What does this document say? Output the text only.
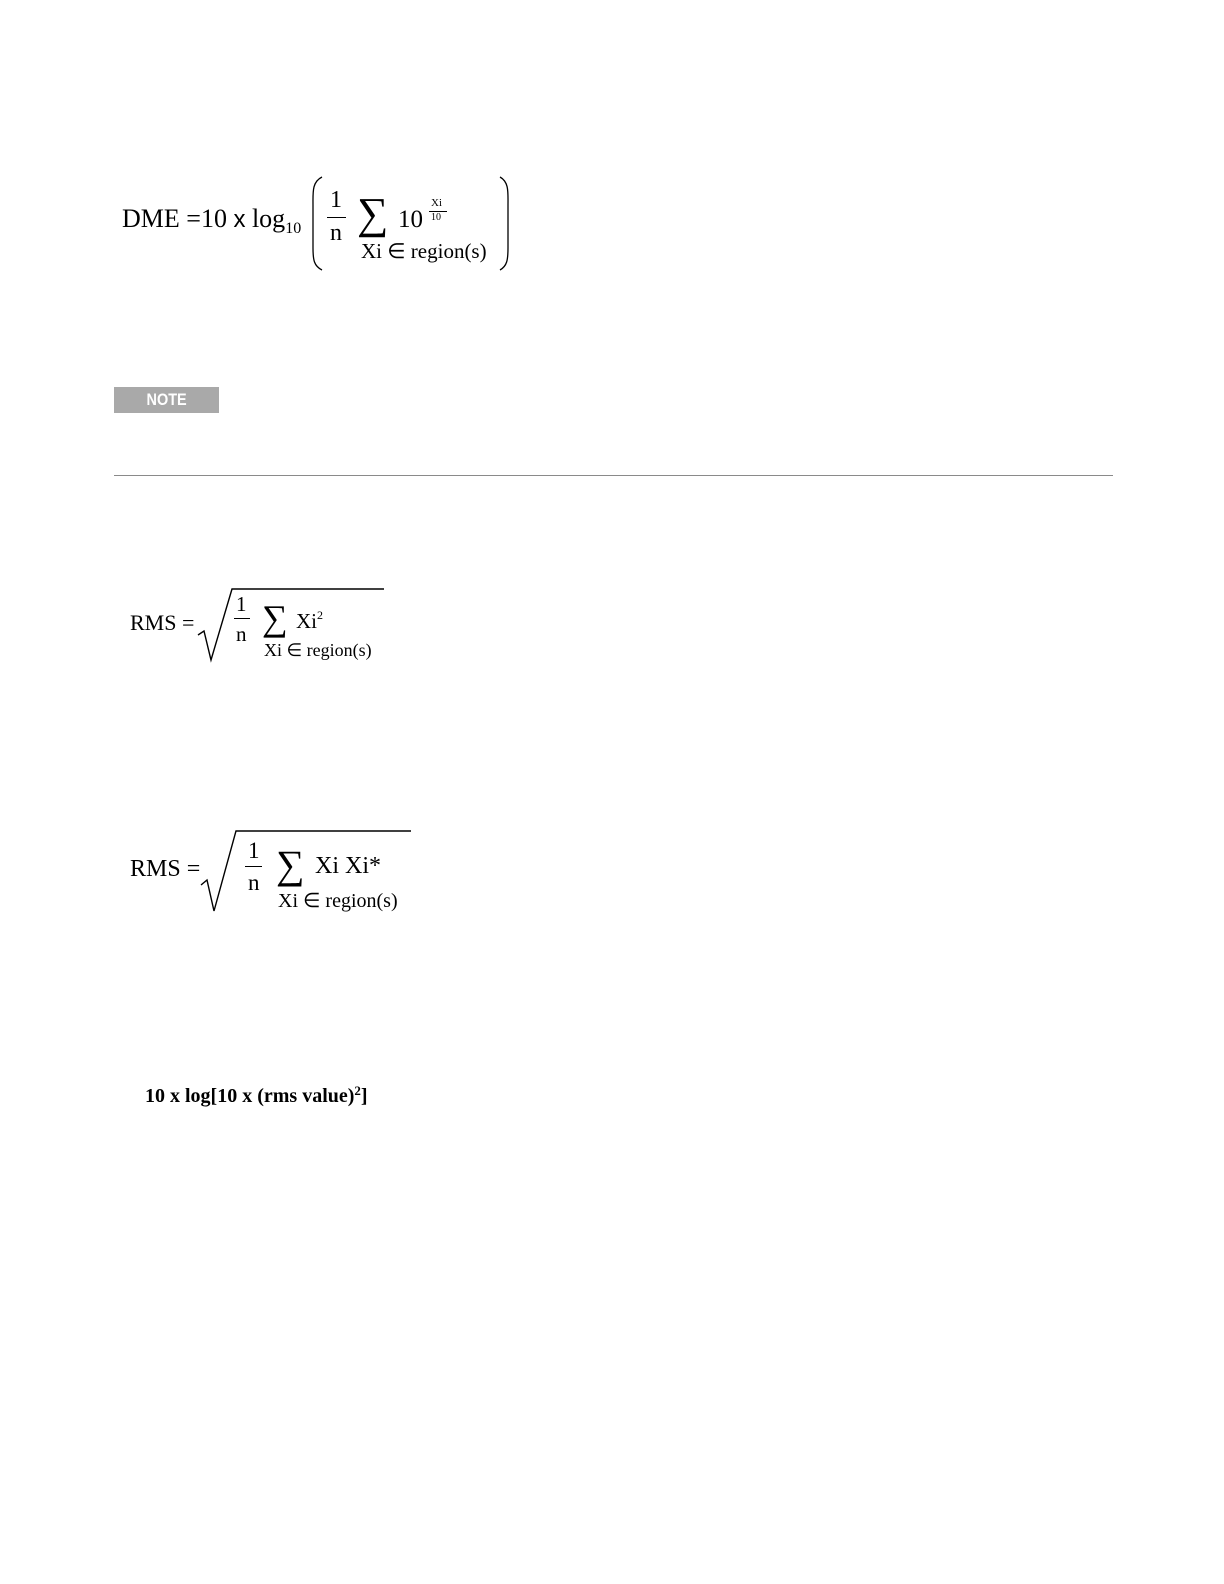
DME =10 x $\log_{10}$
1
n ∑ 10
Xi
10
Xi ∈ region(s)
NOTE
RMS =
1
n ∑ Xi$^2$
Xi ∈ region(s)
RMS =
1
n ∑ Xi Xi*
Xi ∈ region(s)
10 x log[10 x (rms value)$^2$]
